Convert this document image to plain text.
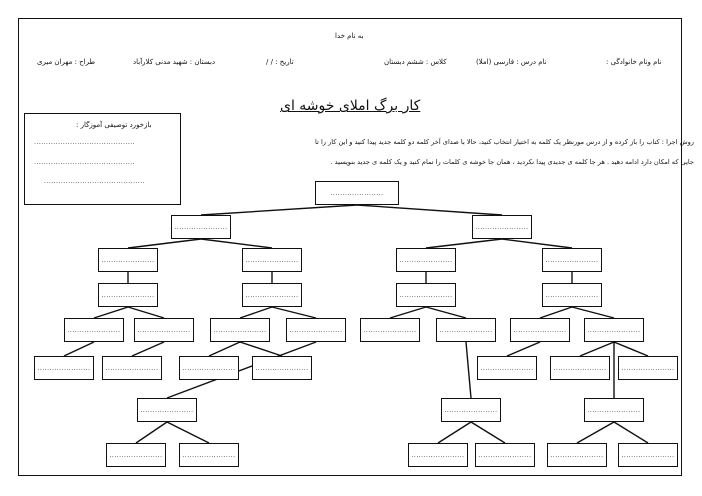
به نام خدا
نام ونام خانوادگی :
نام درس : فارسی (املا)
کلاس : ششم دبستان
تاریخ : / /
دبستان : شهید مدنی کلارآباد
طراح : مهران میری
کار برگ املای خوشه ای
بازخورد توصیفی آموزگار :
..........................................
..........................................
..........................................
روش اجرا : کتاب را باز کرده و از درس مورنظر یک کلمه به اختیار انتخاب کنید، حالا با صدای آخر کلمه دو کلمه جدید پیدا کنید و این کار را تا
جایی که امکان دارد ادامه دهید . هر جا کلمه ی جدیدی پیدا نکردید ، همان جا خوشه ی کلمات را تمام کنید و یک کلمه ی جدید بنویسید .
......................
......................	......................
......................	......................	......................	......................
......................	......................	......................	......................
......................	......................	......................	......................	......................	......................	......................	......................
......................	......................	......................	......................	......................	......................	......................
......................	......................	......................
......................	......................	...................... ......................	......................	......................
